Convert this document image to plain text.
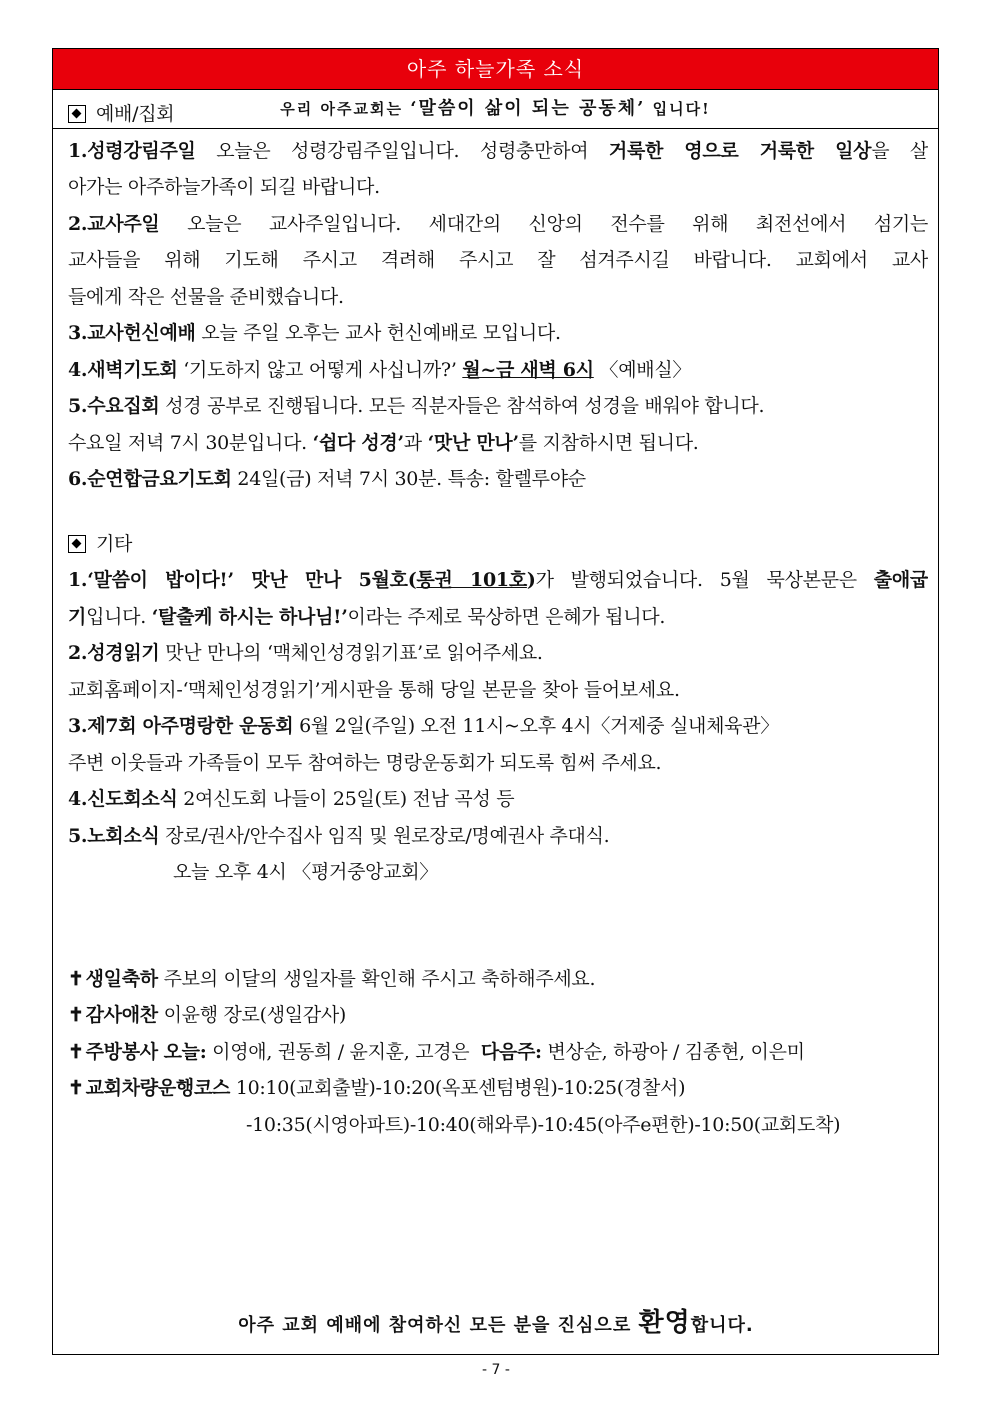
아주 하늘가족 소식
우리 아주교회는 ‘말씀이 삶이 되는 공동체’ 입니다!
예배/집회
1.성령강림주일 오늘은 성령강림주일입니다. 성령충만하여 거룩한 영으로 거룩한 일상을 살
아가는 아주하늘가족이 되길 바랍니다.
2.교사주일 오늘은 교사주일입니다. 세대간의 신앙의 전수를 위해 최전선에서 섬기는
교사들을 위해 기도해 주시고 격려해 주시고 잘 섬겨주시길 바랍니다. 교회에서 교사
들에게 작은 선물을 준비했습니다.
3.교사헌신예배 오늘 주일 오후는 교사 헌신예배로 모입니다.
4.새벽기도회 ‘기도하지 않고 어떻게 사십니까?’ 월~금 새벽 6시 〈예배실〉
5.수요집회 성경 공부로 진행됩니다. 모든 직분자들은 참석하여 성경을 배워야 합니다.
수요일 저녁 7시 30분입니다. ‘쉽다 성경’과 ‘맛난 만나’를 지참하시면 됩니다.
6.순연합금요기도회 24일(금) 저녁 7시 30분. 특송: 할렐루야순
기타
1.‘말씀이 밥이다!’ 맛난 만나 5월호(통권 101호)가 발행되었습니다. 5월 묵상본문은 출애굽
기입니다. ‘탈출케 하시는 하나님!’이라는 주제로 묵상하면 은혜가 됩니다.
2.성경읽기 맛난 만나의 ‘맥체인성경읽기표’로 읽어주세요.
교회홈페이지-‘맥체인성경읽기’게시판을 통해 당일 본문을 찾아 들어보세요.
3.제7회 아주명랑한 운동회 6월 2일(주일) 오전 11시~오후 4시〈거제중 실내체육관〉
주변 이웃들과 가족들이 모두 참여하는 명랑운동회가 되도록 힘써 주세요.
4.신도회소식 2여신도회 나들이 25일(토) 전남 곡성 등
5.노회소식 장로/권사/안수집사 임직 및 원로장로/명예권사 추대식.
오늘 오후 4시 〈평거중앙교회〉
✝ 생일축하 주보의 이달의 생일자를 확인해 주시고 축하해주세요.
✝ 감사애찬 이윤행 장로(생일감사)
✝ 주방봉사 오늘: 이영애, 권동희 / 윤지훈, 고경은 다음주: 변상순, 하광아 / 김종현, 이은미
✝ 교회차량운행코스 10:10(교회출발)-10:20(옥포센텀병원)-10:25(경찰서)
-10:35(시영아파트)-10:40(해와루)-10:45(아주e편한)-10:50(교회도착)
아주 교회 예배에 참여하신 모든 분을 진심으로 환영합니다.
- 7 -
